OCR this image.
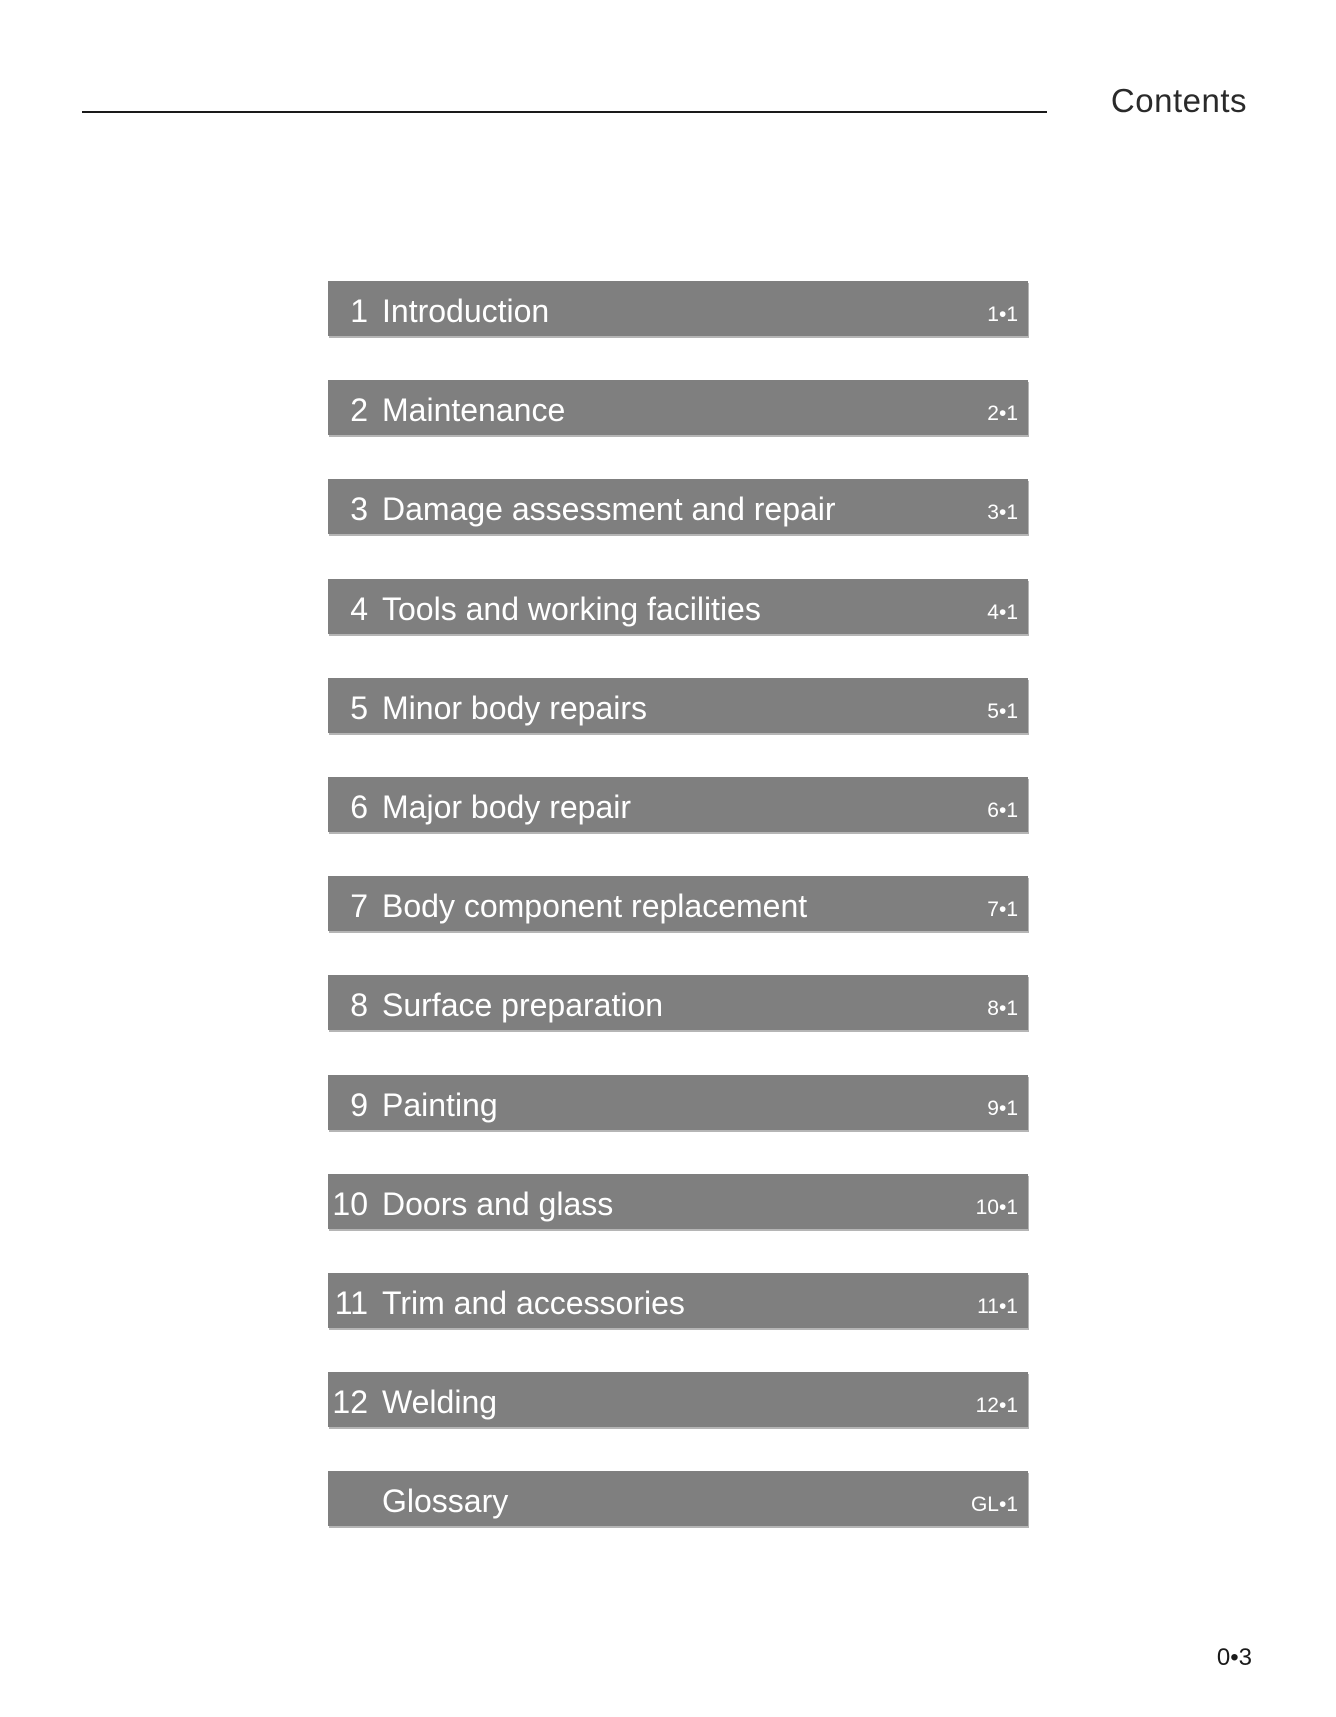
Contents
1 Introduction	1•1
2 Maintenance	2•1
3 Damage assessment and repair	3•1
4 Tools and working facilities	4•1
5 Minor body repairs	5•1
6 Major body repair	6•1
7 Body component replacement	7•1
8 Surface preparation	8•1
9 Painting	9•1
10 Doors and glass	10•1
11 Trim and accessories	11•1
12 Welding	12•1
Glossary	GL•1
0•3
